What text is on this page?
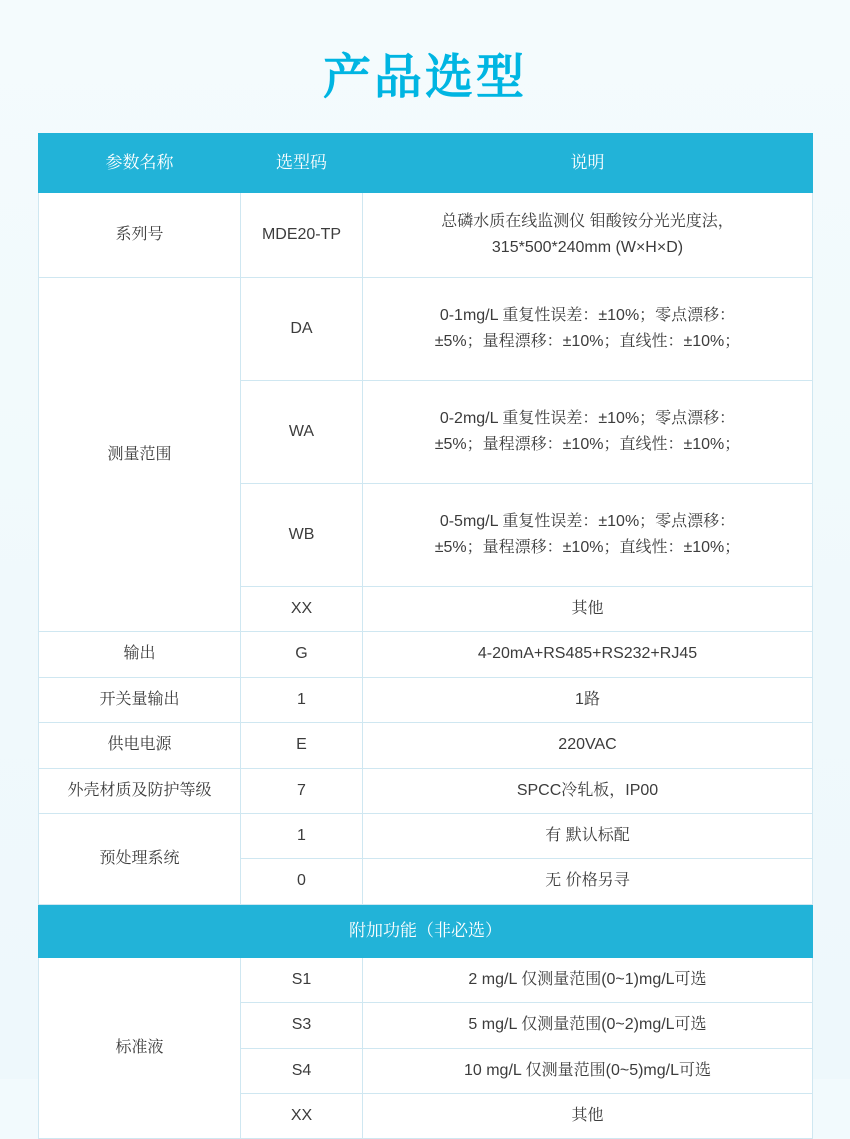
产品选型
参数名称	选型码	说明
系列号	MDE20-TP	总磷水质在线监测仪 钼酸铵分光光度法，
315*500*240mm (W×H×D)

测量范围	DA	0-1mg/L 重复性误差：±10%；零点漂移：
±5%；量程漂移：±10%；直线性：±10%；

	WA	0-2mg/L 重复性误差：±10%；零点漂移：
±5%；量程漂移：±10%；直线性：±10%；

	WB	0-5mg/L 重复性误差：±10%；零点漂移：
±5%；量程漂移：±10%；直线性：±10%；

	XX	其他
输出	G	4-20mA+RS485+RS232+RJ45
开关量输出	1	1路
供电电源	E	220VAC
外壳材质及防护等级	7	SPCC冷轧板，IP00
预处理系统	1	有 默认标配
	0	无 价格另寻
附加功能（非必选）		
标准液	S1	2 mg/L 仅测量范围(0~1)mg/L可选
	S3	5 mg/L 仅测量范围(0~2)mg/L可选
	S4	10 mg/L 仅测量范围(0~5)mg/L可选
	XX	其他
